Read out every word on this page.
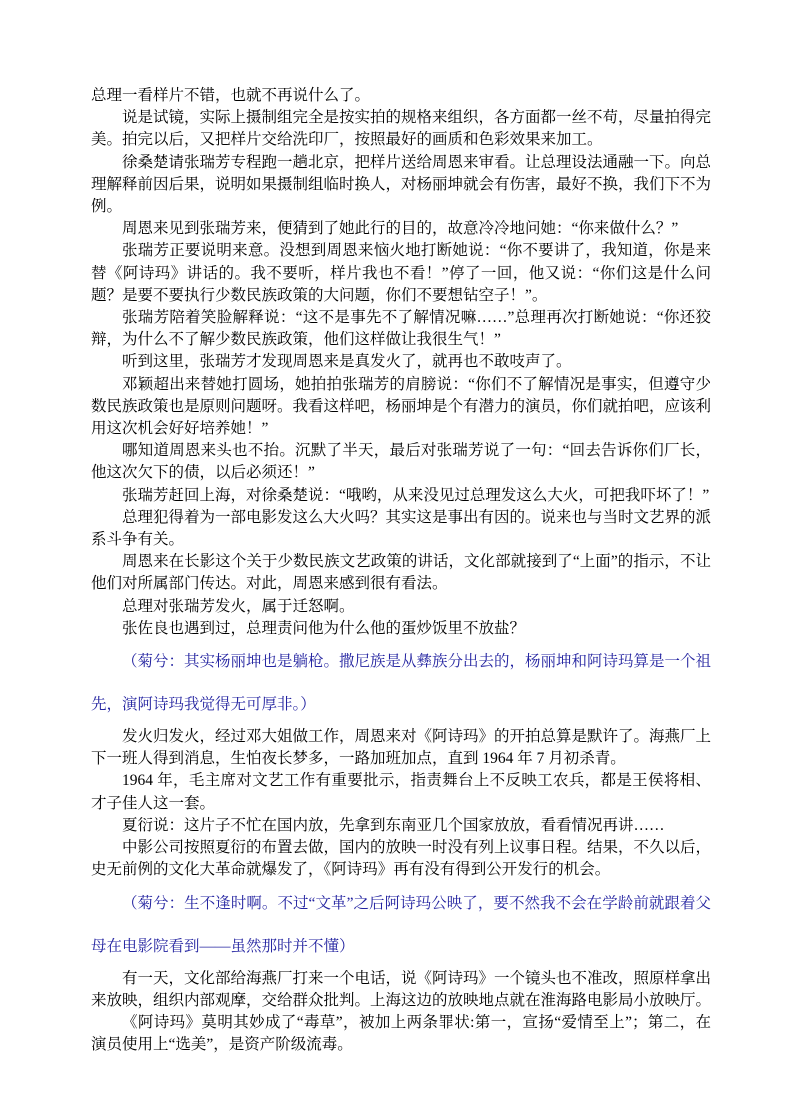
总理一看样片不错，也就不再说什么了。

说是试镜，实际上摄制组完全是按实拍的规格来组织，各方面都一丝不苟，尽量拍得完美。拍完以后，又把样片交给洗印厂，按照最好的画质和色彩效果来加工。

徐桑楚请张瑞芳专程跑一趟北京，把样片送给周恩来审看。让总理设法通融一下。向总理解释前因后果，说明如果摄制组临时换人，对杨丽坤就会有伤害，最好不换，我们下不为例。

周恩来见到张瑞芳来，便猜到了她此行的目的，故意冷冷地问她：“你来做什么？”

张瑞芳正要说明来意。没想到周恩来恼火地打断她说：“你不要讲了，我知道，你是来替《阿诗玛》讲话的。我不要听，样片我也不看！”停了一回，他又说：“你们这是什么问题？是要不要执行少数民族政策的大问题，你们不要想钻空子！”。

张瑞芳陪着笑脸解释说：“这不是事先不了解情况嘛……”总理再次打断她说：“你还狡辩，为什么不了解少数民族政策，他们这样做让我很生气！”

听到这里，张瑞芳才发现周恩来是真发火了，就再也不敢吱声了。

邓颖超出来替她打圆场，她拍拍张瑞芳的肩膀说：“你们不了解情况是事实，但遵守少数民族政策也是原则问题呀。我看这样吧，杨丽坤是个有潜力的演员，你们就拍吧，应该利用这次机会好好培养她！”

哪知道周恩来头也不抬。沉默了半天，最后对张瑞芳说了一句：“回去告诉你们厂长，他这次欠下的债，以后必须还！”

张瑞芳赶回上海，对徐桑楚说：“哦哟，从来没见过总理发这么大火，可把我吓坏了！”

总理犯得着为一部电影发这么大火吗？其实这是事出有因的。说来也与当时文艺界的派系斗争有关。

周恩来在长影这个关于少数民族文艺政策的讲话，文化部就接到了“上面”的指示，不让他们对所属部门传达。对此，周恩来感到很有看法。

总理对张瑞芳发火，属于迁怒啊。

张佐良也遇到过，总理责问他为什么他的蛋炒饭里不放盐？

（菊兮：其实杨丽坤也是躺枪。撒尼族是从彝族分出去的，杨丽坤和阿诗玛算是一个祖先，演阿诗玛我觉得无可厚非。）

发火归发火，经过邓大姐做工作，周恩来对《阿诗玛》的开拍总算是默许了。海燕厂上下一班人得到消息，生怕夜长梦多，一路加班加点，直到 1964 年 7 月初杀青。

1964 年，毛主席对文艺工作有重要批示，指责舞台上不反映工农兵，都是王侯将相、才子佳人这一套。

夏衍说：这片子不忙在国内放，先拿到东南亚几个国家放放，看看情况再讲……

中影公司按照夏衍的布置去做，国内的放映一时没有列上议事日程。结果，不久以后，史无前例的文化大革命就爆发了，《阿诗玛》再有没有得到公开发行的机会。

（菊兮：生不逢时啊。不过“文革”之后阿诗玛公映了，要不然我不会在学龄前就跟着父母在电影院看到——虽然那时并不懂）

有一天，文化部给海燕厂打来一个电话，说《阿诗玛》一个镜头也不准改，照原样拿出来放映，组织内部观摩，交给群众批判。上海这边的放映地点就在淮海路电影局小放映厅。

《阿诗玛》莫明其妙成了“毒草”，被加上两条罪状:第一，宣扬“爱情至上”；第二，在演员使用上“选美”，是资产阶级流毒。
